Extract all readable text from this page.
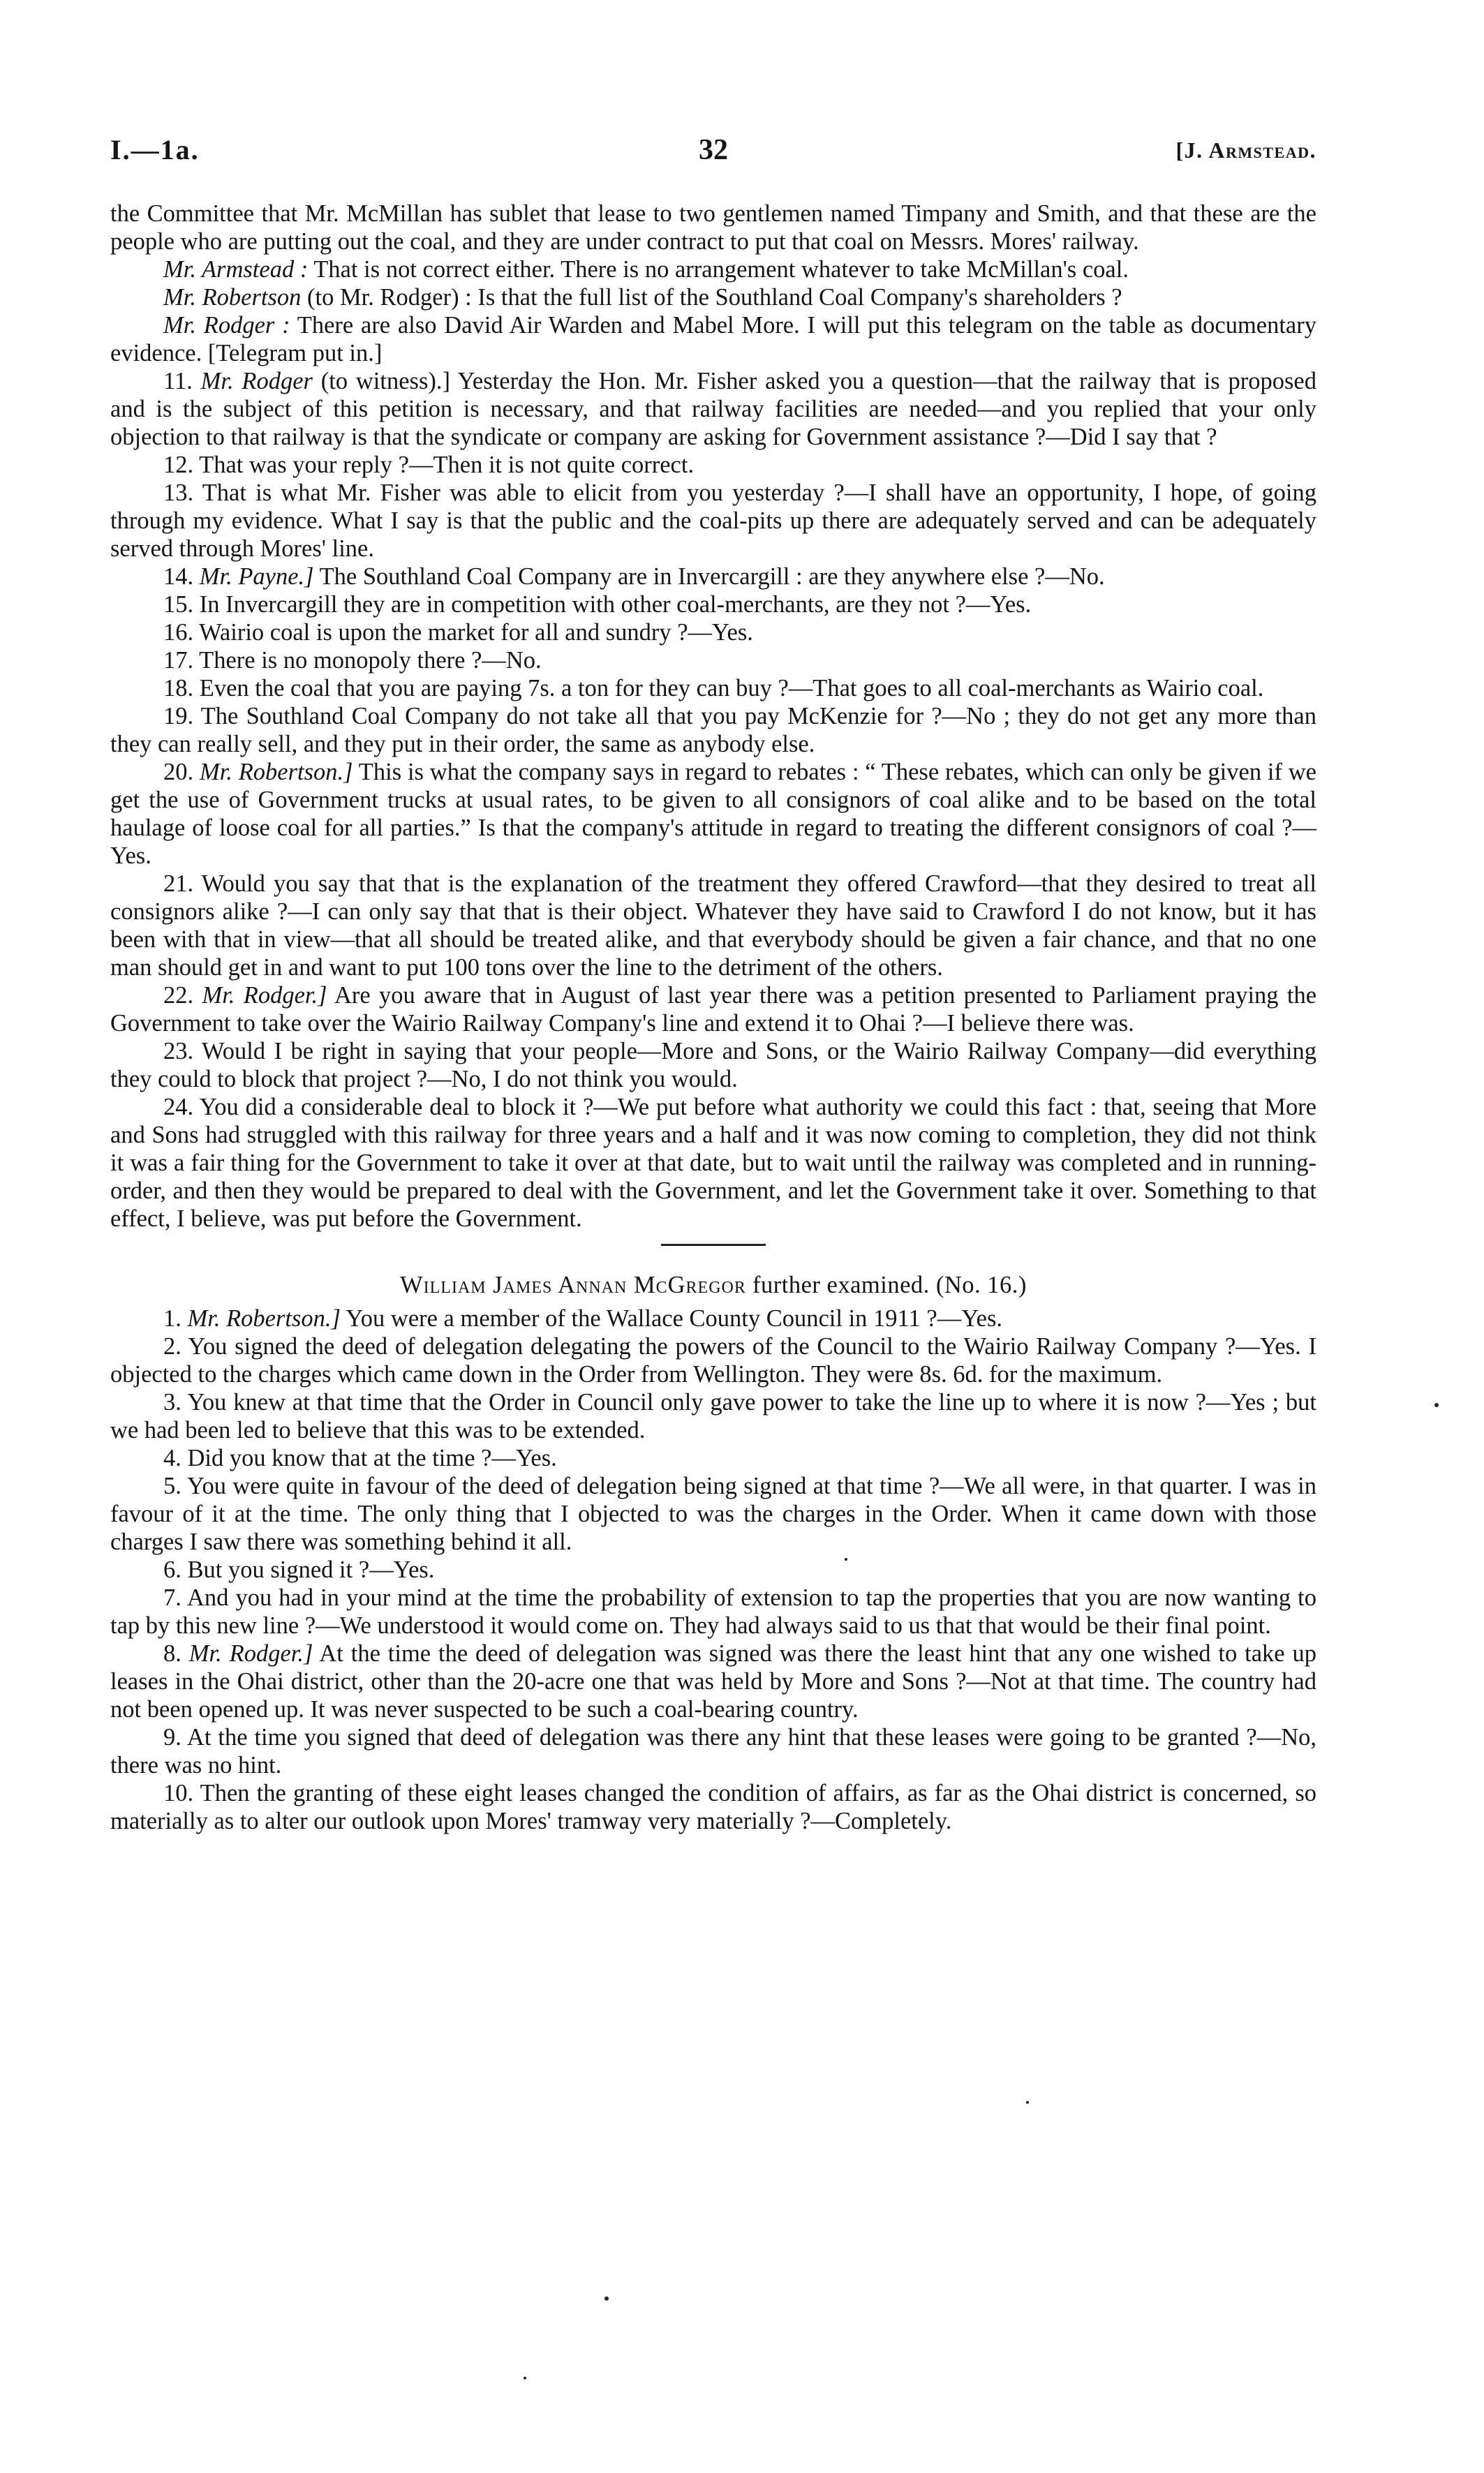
I.—1a.	32	[J. Armstead.

the Committee that Mr. McMillan has sublet that lease to two gentlemen named Timpany and Smith, and that these are the people who are putting out the coal, and they are under contract to put that coal on Messrs. Mores' railway.

Mr. Armstead : That is not correct either. There is no arrangement whatever to take McMillan's coal.

Mr. Robertson (to Mr. Rodger) : Is that the full list of the Southland Coal Company's shareholders ?

Mr. Rodger : There are also David Air Warden and Mabel More. I will put this telegram on the table as documentary evidence. [Telegram put in.]

11. Mr. Rodger (to witness).] Yesterday the Hon. Mr. Fisher asked you a question—that the railway that is proposed and is the subject of this petition is necessary, and that railway facilities are needed—and you replied that your only objection to that railway is that the syndicate or company are asking for Government assistance ?—Did I say that ?

12. That was your reply ?—Then it is not quite correct.

13. That is what Mr. Fisher was able to elicit from you yesterday ?—I shall have an opportunity, I hope, of going through my evidence. What I say is that the public and the coal-pits up there are adequately served and can be adequately served through Mores' line.

14. Mr. Payne.] The Southland Coal Company are in Invercargill : are they anywhere else ?—No.

15. In Invercargill they are in competition with other coal-merchants, are they not ?—Yes.

16. Wairio coal is upon the market for all and sundry ?—Yes.

17. There is no monopoly there ?—No.

18. Even the coal that you are paying 7s. a ton for they can buy ?—That goes to all coal-merchants as Wairio coal.

19. The Southland Coal Company do not take all that you pay McKenzie for ?—No ; they do not get any more than they can really sell, and they put in their order, the same as anybody else.

20. Mr. Robertson.] This is what the company says in regard to rebates : “ These rebates, which can only be given if we get the use of Government trucks at usual rates, to be given to all consignors of coal alike and to be based on the total haulage of loose coal for all parties.” Is that the company's attitude in regard to treating the different consignors of coal ?—Yes.

21. Would you say that that is the explanation of the treatment they offered Crawford—that they desired to treat all consignors alike ?—I can only say that that is their object. Whatever they have said to Crawford I do not know, but it has been with that in view—that all should be treated alike, and that everybody should be given a fair chance, and that no one man should get in and want to put 100 tons over the line to the detriment of the others.

22. Mr. Rodger.] Are you aware that in August of last year there was a petition presented to Parliament praying the Government to take over the Wairio Railway Company's line and extend it to Ohai ?—I believe there was.

23. Would I be right in saying that your people—More and Sons, or the Wairio Railway Company—did everything they could to block that project ?—No, I do not think you would.

24. You did a considerable deal to block it ?—We put before what authority we could this fact : that, seeing that More and Sons had struggled with this railway for three years and a half and it was now coming to completion, they did not think it was a fair thing for the Government to take it over at that date, but to wait until the railway was completed and in running-order, and then they would be prepared to deal with the Government, and let the Government take it over. Something to that effect, I believe, was put before the Government.

William James Annan McGregor further examined. (No. 16.)

1. Mr. Robertson.] You were a member of the Wallace County Council in 1911 ?—Yes.

2. You signed the deed of delegation delegating the powers of the Council to the Wairio Railway Company ?—Yes. I objected to the charges which came down in the Order from Wellington. They were 8s. 6d. for the maximum.

3. You knew at that time that the Order in Council only gave power to take the line up to where it is now ?—Yes ; but we had been led to believe that this was to be extended.

4. Did you know that at the time ?—Yes.

5. You were quite in favour of the deed of delegation being signed at that time ?—We all were, in that quarter. I was in favour of it at the time. The only thing that I objected to was the charges in the Order. When it came down with those charges I saw there was something behind it all.

6. But you signed it ?—Yes.

7. And you had in your mind at the time the probability of extension to tap the properties that you are now wanting to tap by this new line ?—We understood it would come on. They had always said to us that that would be their final point.

8. Mr. Rodger.] At the time the deed of delegation was signed was there the least hint that any one wished to take up leases in the Ohai district, other than the 20-acre one that was held by More and Sons ?—Not at that time. The country had not been opened up. It was never suspected to be such a coal-bearing country.

9. At the time you signed that deed of delegation was there any hint that these leases were going to be granted ?—No, there was no hint.

10. Then the granting of these eight leases changed the condition of affairs, as far as the Ohai district is concerned, so materially as to alter our outlook upon Mores' tramway very materially ?—Completely.
